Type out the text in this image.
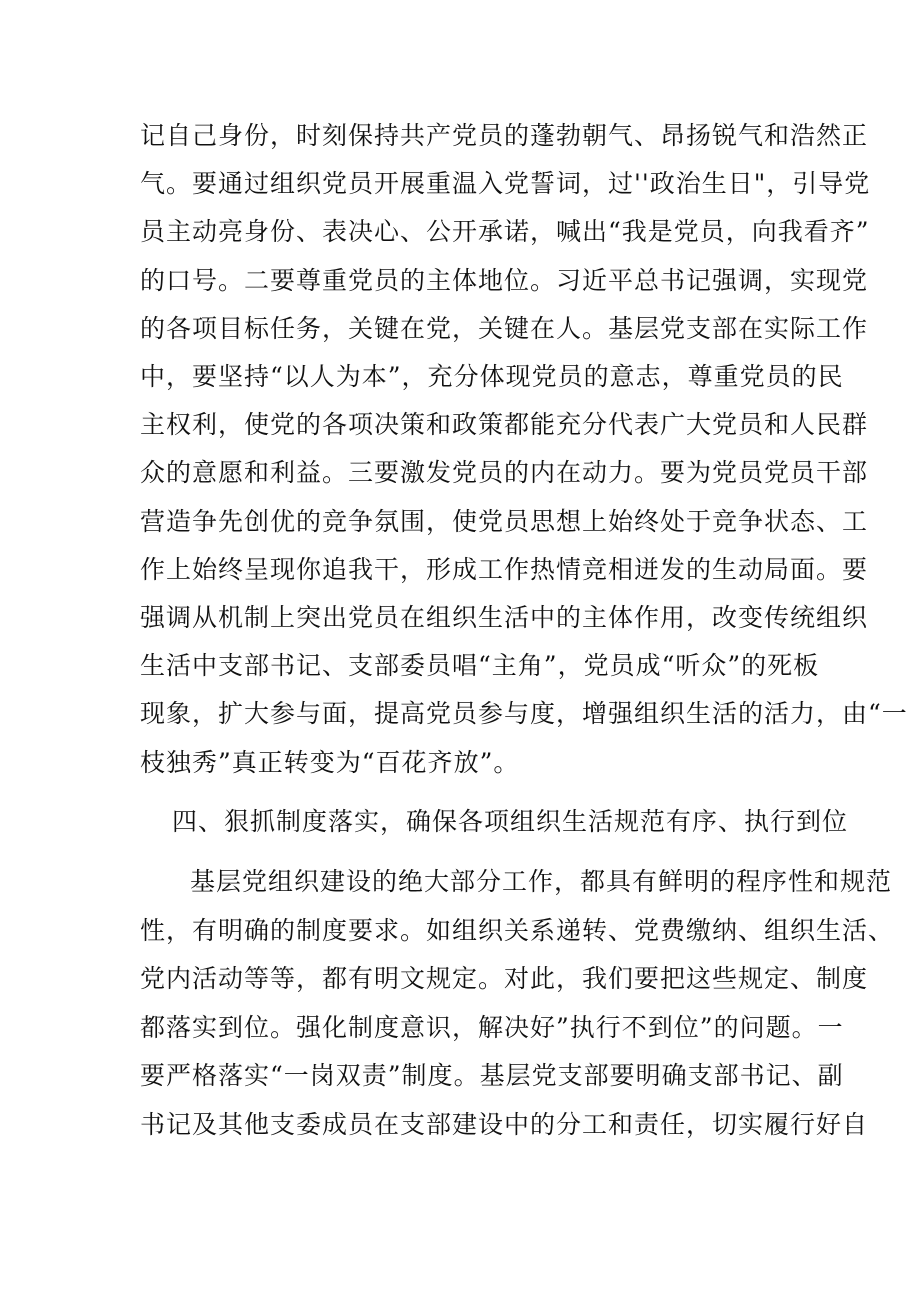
记自己身份，时刻保持共产党员的蓬勃朝气、昂扬锐气和浩然正
气。要通过组织党员开展重温入党誓词，过''政治生日"，引导党
员主动亮身份、表决心、公开承诺，喊出“我是党员，向我看齐”
的口号。二要尊重党员的主体地位。习近平总书记强调，实现党
的各项目标任务，关键在党，关键在人。基层党支部在实际工作
中，要坚持“以人为本”，充分体现党员的意志，尊重党员的民
主权利，使党的各项决策和政策都能充分代表广大党员和人民群
众的意愿和利益。三要激发党员的内在动力。要为党员党员干部
营造争先创优的竞争氛围，使党员思想上始终处于竞争状态、工
作上始终呈现你追我干，形成工作热情竞相迸发的生动局面。要
强调从机制上突出党员在组织生活中的主体作用，改变传统组织
生活中支部书记、支部委员唱“主角”，党员成“听众”的死板
现象，扩大参与面，提高党员参与度，增强组织生活的活力，由“一
枝独秀”真正转变为“百花齐放”。
四、狠抓制度落实，确保各项组织生活规范有序、执行到位
基层党组织建设的绝大部分工作，都具有鲜明的程序性和规范
性，有明确的制度要求。如组织关系递转、党费缴纳、组织生活、
党内活动等等，都有明文规定。对此，我们要把这些规定、制度
都落实到位。强化制度意识，解决好”执行不到位”的问题。一
要严格落实“一岗双责”制度。基层党支部要明确支部书记、副
书记及其他支委成员在支部建设中的分工和责任，切实履行好自
